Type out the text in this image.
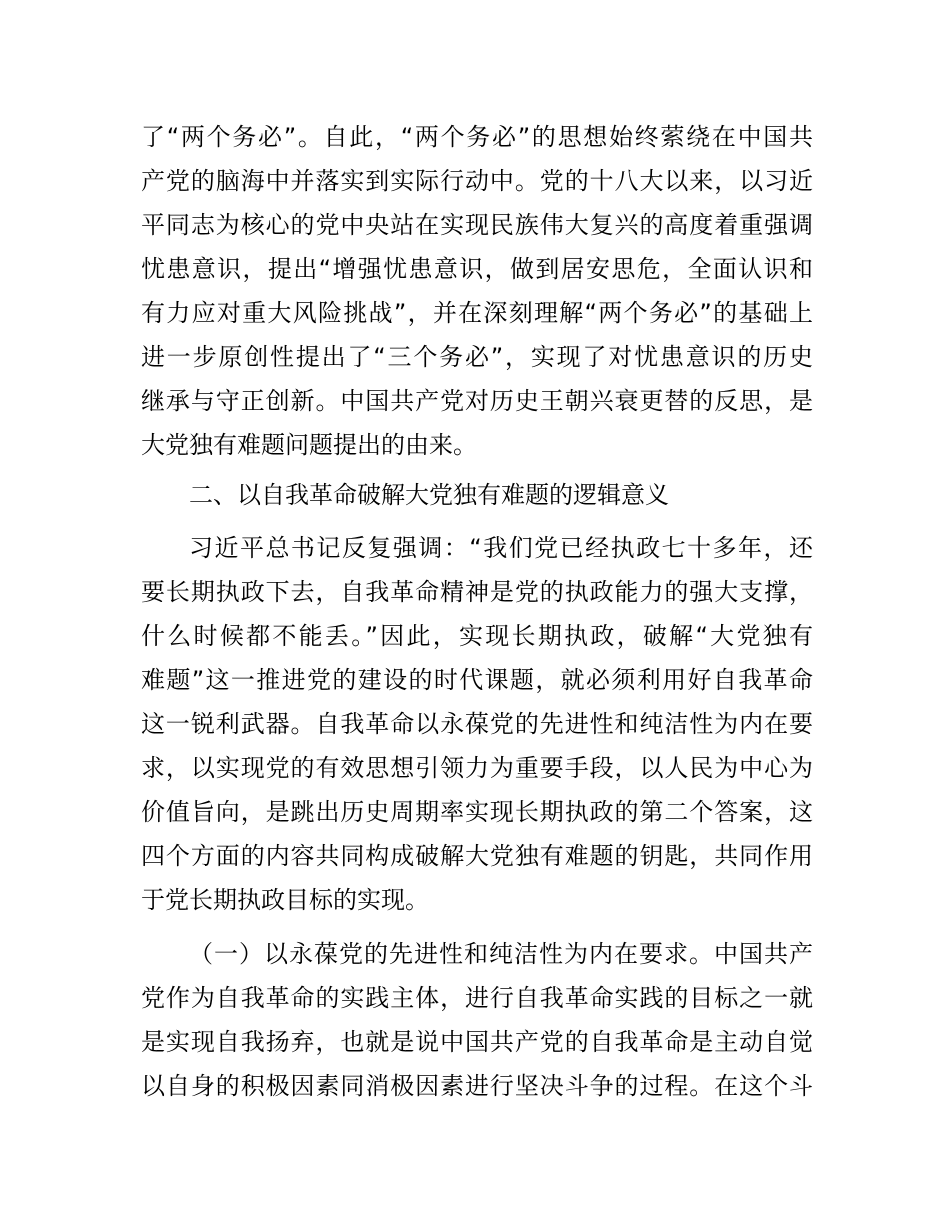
了“两个务必”。自此，“两个务必”的思想始终萦绕在中国共
产党的脑海中并落实到实际行动中。党的十八大以来，以习近
平同志为核心的党中央站在实现民族伟大复兴的高度着重强调
忧患意识，提出“增强忧患意识，做到居安思危，全面认识和
有力应对重大风险挑战”，并在深刻理解“两个务必”的基础上
进一步原创性提出了“三个务必”，实现了对忧患意识的历史
继承与守正创新。中国共产党对历史王朝兴衰更替的反思，是
大党独有难题问题提出的由来。
二、以自我革命破解大党独有难题的逻辑意义
习近平总书记反复强调：“我们党已经执政七十多年，还
要长期执政下去，自我革命精神是党的执政能力的强大支撑，
什么时候都不能丢。”因此，实现长期执政，破解“大党独有
难题”这一推进党的建设的时代课题，就必须利用好自我革命
这一锐利武器。自我革命以永葆党的先进性和纯洁性为内在要
求，以实现党的有效思想引领力为重要手段，以人民为中心为
价值旨向，是跳出历史周期率实现长期执政的第二个答案，这
四个方面的内容共同构成破解大党独有难题的钥匙，共同作用
于党长期执政目标的实现。
（一）以永葆党的先进性和纯洁性为内在要求。中国共产
党作为自我革命的实践主体，进行自我革命实践的目标之一就
是实现自我扬弃，也就是说中国共产党的自我革命是主动自觉
以自身的积极因素同消极因素进行坚决斗争的过程。在这个斗
